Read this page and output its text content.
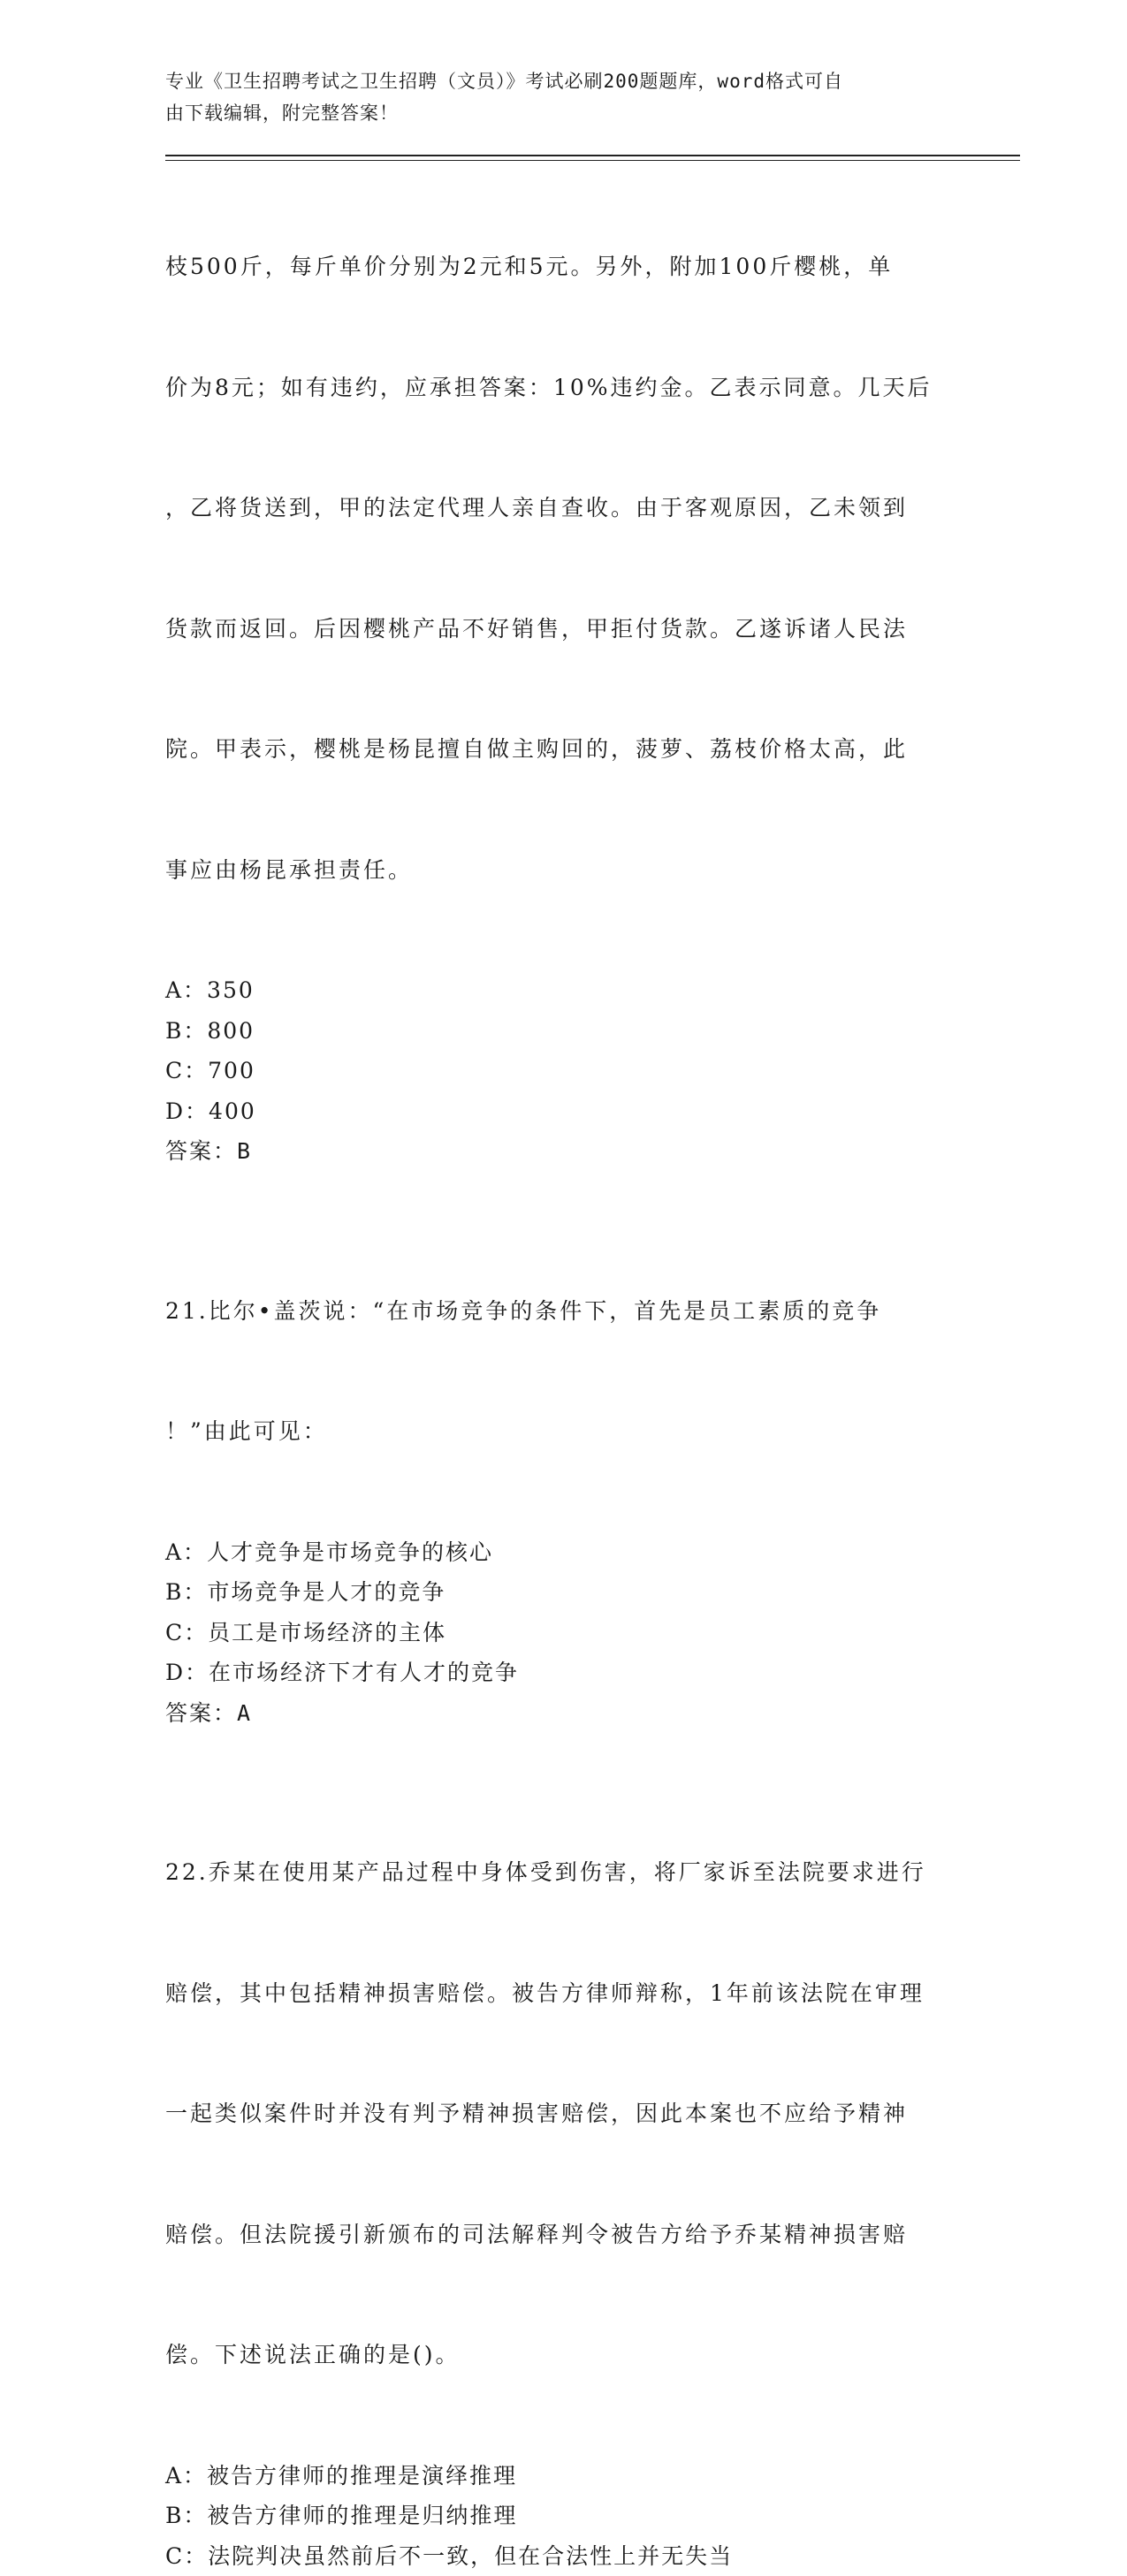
专业《卫生招聘考试之卫生招聘（文员）》考试必刷200题题库，word格式可自
由下载编辑，附完整答案！

枝500斤，每斤单价分别为2元和5元。另外，附加100斤樱桃，单

价为8元；如有违约，应承担答案：10%违约金。乙表示同意。几天后

，乙将货送到，甲的法定代理人亲自查收。由于客观原因，乙未领到

货款而返回。后因樱桃产品不好销售，甲拒付货款。乙遂诉诸人民法

院。甲表示，樱桃是杨昆擅自做主购回的，菠萝、荔枝价格太高，此

事应由杨昆承担责任。

A：350
B：800
C：700
D：400
答案：B

21.比尔•盖茨说：“在市场竞争的条件下，首先是员工素质的竞争

！”由此可见：

A：人才竞争是市场竞争的核心
B：市场竞争是人才的竞争
C：员工是市场经济的主体
D：在市场经济下才有人才的竞争
答案：A

22.乔某在使用某产品过程中身体受到伤害，将厂家诉至法院要求进行

赔偿，其中包括精神损害赔偿。被告方律师辩称，1年前该法院在审理

一起类似案件时并没有判予精神损害赔偿，因此本案也不应给予精神

赔偿。但法院援引新颁布的司法解释判令被告方给予乔某精神损害赔

偿。下述说法正确的是()。

A：被告方律师的推理是演绎推理
B：被告方律师的推理是归纳推理
C：法院判决虽然前后不一致，但在合法性上并无失当
